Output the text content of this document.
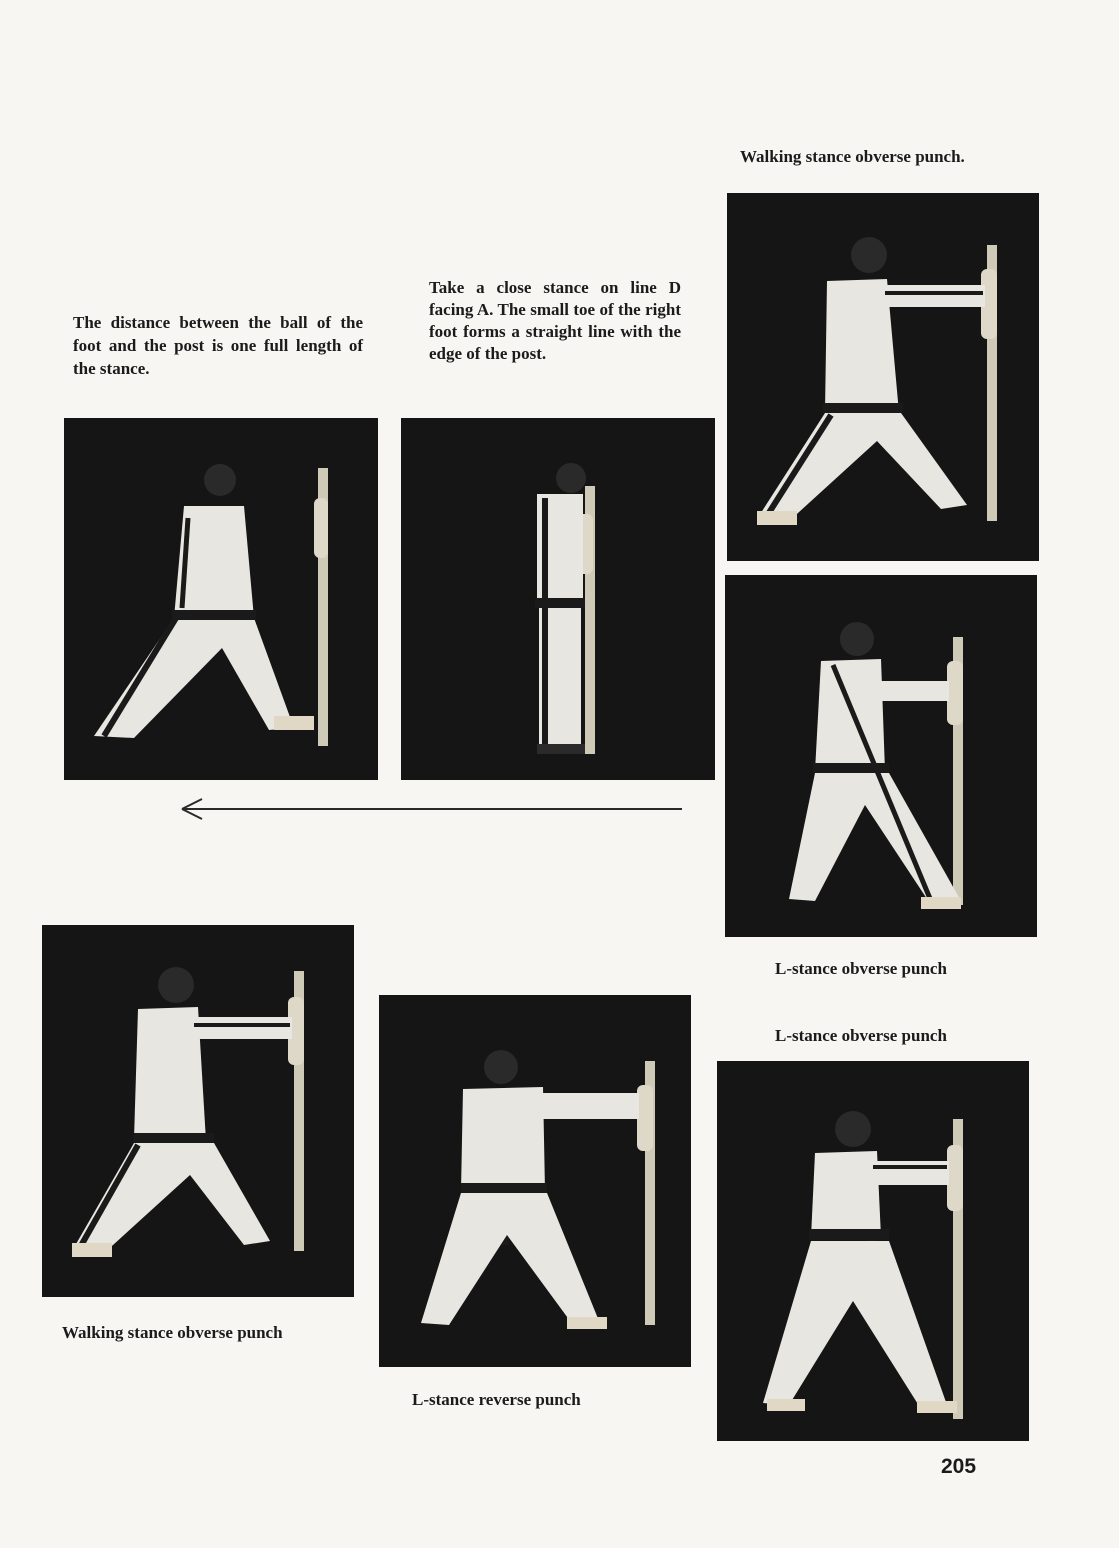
The distance between the ball of the foot and the post is one full length of the stance.

Take a close stance on line D facing A. The small toe of the right foot forms a straight line with the edge of the post.

Walking stance obverse punch.

L-stance obverse punch

L-stance obverse punch

Walking stance obverse punch

L-stance reverse punch

205
